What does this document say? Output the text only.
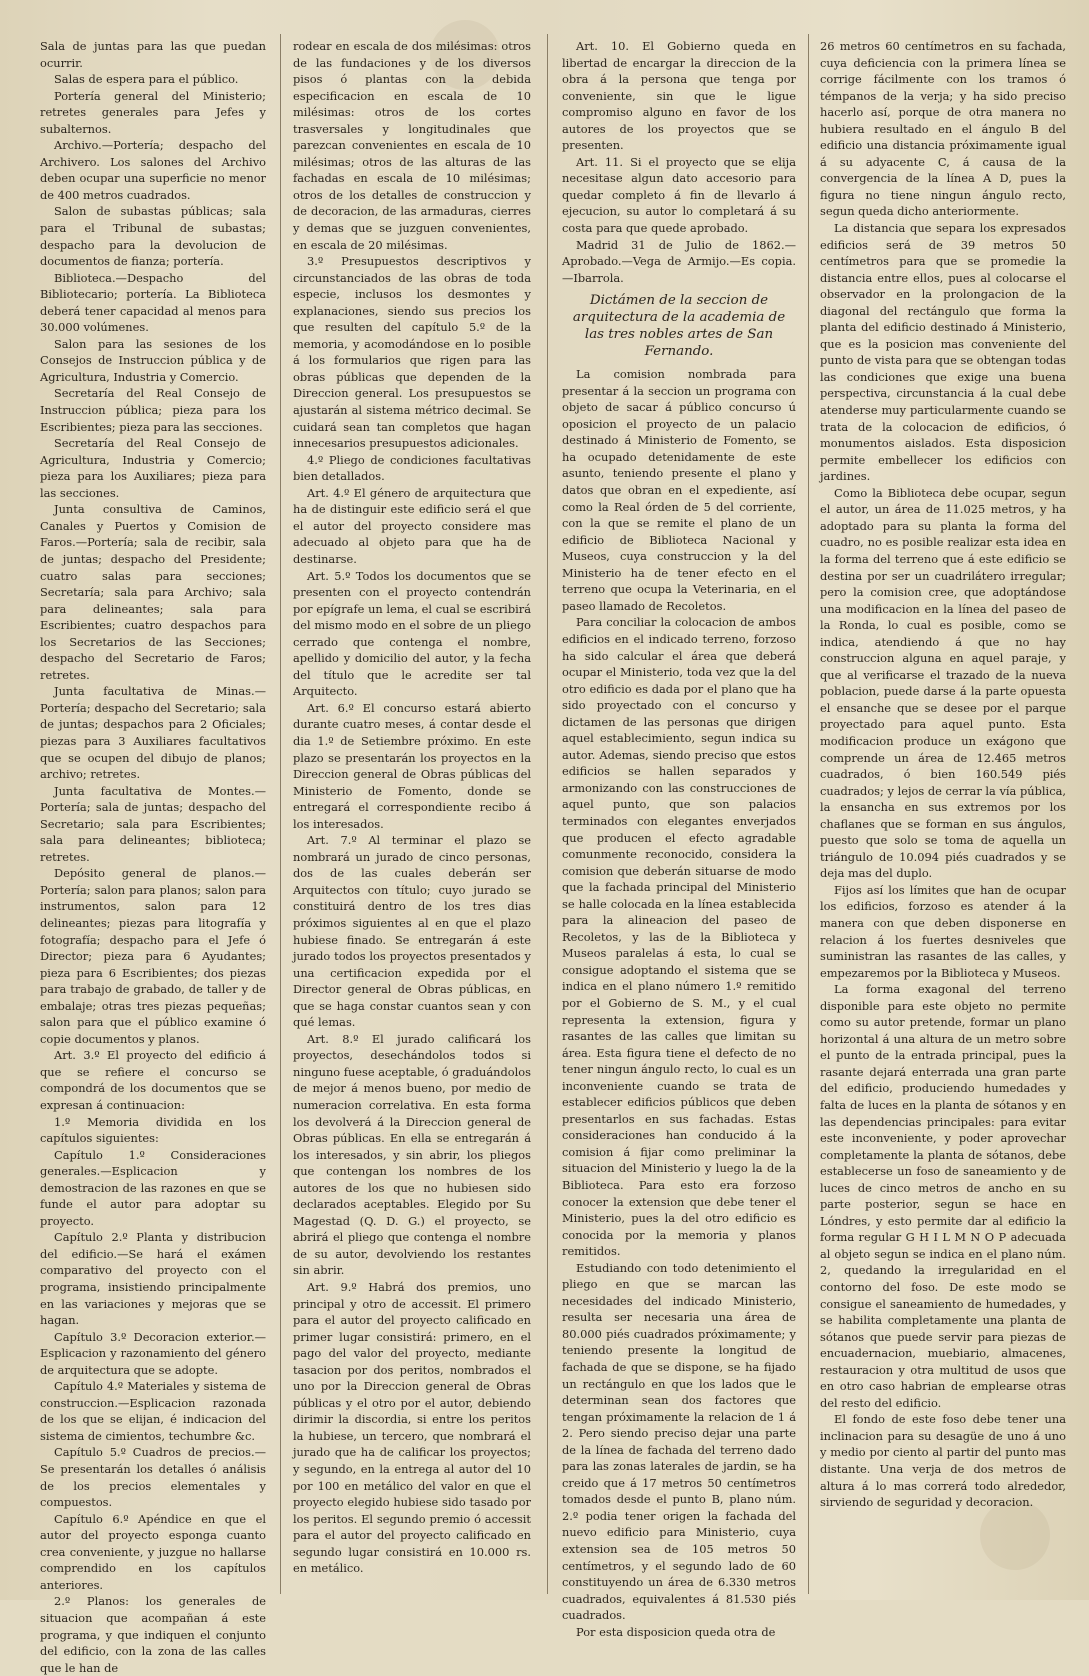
Sala de juntas para las que puedan ocurrir.

Salas de espera para el público.

Portería general del Ministerio; retretes generales para Jefes y subalternos.

Archivo.—Portería; despacho del Archivero. Los salones del Archivo deben ocupar una superficie no menor de 400 metros cuadrados.

Salon de subastas públicas; sala para el Tribunal de subastas; despacho para la devolucion de documentos de fianza; portería.

Biblioteca.—Despacho del Bibliotecario; portería. La Biblioteca deberá tener capacidad al menos para 30.000 volúmenes.

Salon para las sesiones de los Consejos de Instruccion pública y de Agricultura, Industria y Comercio.

Secretaría del Real Consejo de Instruccion pública; pieza para los Escribientes; pieza para las secciones.

Secretaría del Real Consejo de Agricultura, Industria y Comercio; pieza para los Auxiliares; pieza para las secciones.

Junta consultiva de Caminos, Canales y Puertos y Comision de Faros.—Portería; sala de recibir, sala de juntas; despacho del Presidente; cuatro salas para secciones; Secretaría; sala para Archivo; sala para delineantes; sala para Escribientes; cuatro despachos para los Secretarios de las Secciones; despacho del Secretario de Faros; retretes.

Junta facultativa de Minas.—Portería; despacho del Secretario; sala de juntas; despachos para 2 Oficiales; piezas para 3 Auxiliares facultativos que se ocupen del dibujo de planos; archivo; retretes.

Junta facultativa de Montes.—Portería; sala de juntas; despacho del Secretario; sala para Escribientes; sala para delineantes; biblioteca; retretes.

Depósito general de planos.—Portería; salon para planos; salon para instrumentos, salon para 12 delineantes; piezas para litografía y fotografía; despacho para el Jefe ó Director; pieza para 6 Ayudantes; pieza para 6 Escribientes; dos piezas para trabajo de grabado, de taller y de embalaje; otras tres piezas pequeñas; salon para que el público examine ó copie documentos y planos.

Art. 3.º El proyecto del edificio á que se refiere el concurso se compondrá de los documentos que se expresan á continuacion:

1.º Memoria dividida en los capítulos siguientes:

Capítulo 1.º Consideraciones generales.—Esplicacion y demostracion de las razones en que se funde el autor para adoptar su proyecto.

Capítulo 2.º Planta y distribucion del edificio.—Se hará el exámen comparativo del proyecto con el programa, insistiendo principalmente en las variaciones y mejoras que se hagan.

Capítulo 3.º Decoracion exterior.—Esplicacion y razonamiento del género de arquitectura que se adopte.

Capítulo 4.º Materiales y sistema de construccion.—Esplicacion razonada de los que se elijan, é indicacion del sistema de cimientos, techumbre &c.

Capítulo 5.º Cuadros de precios.—Se presentarán los detalles ó análisis de los precios elementales y compuestos.

Capítulo 6.º Apéndice en que el autor del proyecto esponga cuanto crea conveniente, y juzgue no hallarse comprendido en los capítulos anteriores.

2.º Planos: los generales de situacion que acompañan á este programa, y que indiquen el conjunto del edificio, con la zona de las calles que le han de

rodear en escala de dos milésimas: otros de las fundaciones y de los diversos pisos ó plantas con la debida especificacion en escala de 10 milésimas: otros de los cortes trasversales y longitudinales que parezcan convenientes en escala de 10 milésimas; otros de las alturas de las fachadas en escala de 10 milésimas; otros de los detalles de construccion y de decoracion, de las armaduras, cierres y demas que se juzguen convenientes, en escala de 20 milésimas.

3.º Presupuestos descriptivos y circunstanciados de las obras de toda especie, inclusos los desmontes y explanaciones, siendo sus precios los que resulten del capítulo 5.º de la memoria, y acomodándose en lo posible á los formularios que rigen para las obras públicas que dependen de la Direccion general. Los presupuestos se ajustarán al sistema métrico decimal. Se cuidará sean tan completos que hagan innecesarios presupuestos adicionales.

4.º Pliego de condiciones facultativas bien detallados.

Art. 4.º El género de arquitectura que ha de distinguir este edificio será el que el autor del proyecto considere mas adecuado al objeto para que ha de destinarse.

Art. 5.º Todos los documentos que se presenten con el proyecto contendrán por epígrafe un lema, el cual se escribirá del mismo modo en el sobre de un pliego cerrado que contenga el nombre, apellido y domicilio del autor, y la fecha del título que le acredite ser tal Arquitecto.

Art. 6.º El concurso estará abierto durante cuatro meses, á contar desde el dia 1.º de Setiembre próximo. En este plazo se presentarán los proyectos en la Direccion general de Obras públicas del Ministerio de Fomento, donde se entregará el correspondiente recibo á los interesados.

Art. 7.º Al terminar el plazo se nombrará un jurado de cinco personas, dos de las cuales deberán ser Arquitectos con título; cuyo jurado se constituirá dentro de los tres dias próximos siguientes al en que el plazo hubiese finado. Se entregarán á este jurado todos los proyectos presentados y una certificacion expedida por el Director general de Obras públicas, en que se haga constar cuantos sean y con qué lemas.

Art. 8.º El jurado calificará los proyectos, desechándolos todos si ninguno fuese aceptable, ó graduándolos de mejor á menos bueno, por medio de numeracion correlativa. En esta forma los devolverá á la Direccion general de Obras públicas. En ella se entregarán á los interesados, y sin abrir, los pliegos que contengan los nombres de los autores de los que no hubiesen sido declarados aceptables. Elegido por Su Magestad (Q. D. G.) el proyecto, se abrirá el pliego que contenga el nombre de su autor, devolviendo los restantes sin abrir.

Art. 9.º Habrá dos premios, uno principal y otro de accessit. El primero para el autor del proyecto calificado en primer lugar consistirá: primero, en el pago del valor del proyecto, mediante tasacion por dos peritos, nombrados el uno por la Direccion general de Obras públicas y el otro por el autor, debiendo dirimir la discordia, si entre los peritos la hubiese, un tercero, que nombrará el jurado que ha de calificar los proyectos; y segundo, en la entrega al autor del 10 por 100 en metálico del valor en que el proyecto elegido hubiese sido tasado por los peritos. El segundo premio ó accessit para el autor del proyecto calificado en segundo lugar consistirá en 10.000 rs. en metálico.

Art. 10. El Gobierno queda en libertad de encargar la direccion de la obra á la persona que tenga por conveniente, sin que le ligue compromiso alguno en favor de los autores de los proyectos que se presenten.

Art. 11. Si el proyecto que se elija necesitase algun dato accesorio para quedar completo á fin de llevarlo á ejecucion, su autor lo completará á su costa para que quede aprobado.

Madrid 31 de Julio de 1862.—Aprobado.—Vega de Armijo.—Es copia.—Ibarrola.

Dictámen de la seccion de arquitectura de la academia de las tres nobles artes de San Fernando.

La comision nombrada para presentar á la seccion un programa con objeto de sacar á público concurso ú oposicion el proyecto de un palacio destinado á Ministerio de Fomento, se ha ocupado detenidamente de este asunto, teniendo presente el plano y datos que obran en el expediente, así como la Real órden de 5 del corriente, con la que se remite el plano de un edificio de Biblioteca Nacional y Museos, cuya construccion y la del Ministerio ha de tener efecto en el terreno que ocupa la Veterinaria, en el paseo llamado de Recoletos.

Para conciliar la colocacion de ambos edificios en el indicado terreno, forzoso ha sido calcular el área que deberá ocupar el Ministerio, toda vez que la del otro edificio es dada por el plano que ha sido proyectado con el concurso y dictamen de las personas que dirigen aquel establecimiento, segun indica su autor. Ademas, siendo preciso que estos edificios se hallen separados y armonizando con las construcciones de aquel punto, que son palacios terminados con elegantes enverjados que producen el efecto agradable comunmente reconocido, considera la comision que deberán situarse de modo que la fachada principal del Ministerio se halle colocada en la línea establecida para la alineacion del paseo de Recoletos, y las de la Biblioteca y Museos paralelas á esta, lo cual se consigue adoptando el sistema que se indica en el plano número 1.º remitido por el Gobierno de S. M., y el cual representa la extension, figura y rasantes de las calles que limitan su área. Esta figura tiene el defecto de no tener ningun ángulo recto, lo cual es un inconveniente cuando se trata de establecer edificios públicos que deben presentarlos en sus fachadas. Estas consideraciones han conducido á la comision á fijar como preliminar la situacion del Ministerio y luego la de la Biblioteca. Para esto era forzoso conocer la extension que debe tener el Ministerio, pues la del otro edificio es conocida por la memoria y planos remitidos.

Estudiando con todo detenimiento el pliego en que se marcan las necesidades del indicado Ministerio, resulta ser necesaria una área de 80.000 piés cuadrados próximamente; y teniendo presente la longitud de fachada de que se dispone, se ha fijado un rectángulo en que los lados que le determinan sean dos factores que tengan próximamente la relacion de 1 á 2. Pero siendo preciso dejar una parte de la línea de fachada del terreno dado para las zonas laterales de jardin, se ha creido que á 17 metros 50 centímetros tomados desde el punto B, plano núm. 2.º podia tener origen la fachada del nuevo edificio para Ministerio, cuya extension sea de 105 metros 50 centímetros, y el segundo lado de 60 constituyendo un área de 6.330 metros cuadrados, equivalentes á 81.530 piés cuadrados.

Por esta disposicion queda otra de

26 metros 60 centímetros en su fachada, cuya deficiencia con la primera línea se corrige fácilmente con los tramos ó témpanos de la verja; y ha sido preciso hacerlo así, porque de otra manera no hubiera resultado en el ángulo B del edificio una distancia próximamente igual á su adyacente C, á causa de la convergencia de la línea A D, pues la figura no tiene ningun ángulo recto, segun queda dicho anteriormente.

La distancia que separa los expresados edificios será de 39 metros 50 centímetros para que se promedie la distancia entre ellos, pues al colocarse el observador en la prolongacion de la diagonal del rectángulo que forma la planta del edificio destinado á Ministerio, que es la posicion mas conveniente del punto de vista para que se obtengan todas las condiciones que exige una buena perspectiva, circunstancia á la cual debe atenderse muy particularmente cuando se trata de la colocacion de edificios, ó monumentos aislados. Esta disposicion permite embellecer los edificios con jardines.

Como la Biblioteca debe ocupar, segun el autor, un área de 11.025 metros, y ha adoptado para su planta la forma del cuadro, no es posible realizar esta idea en la forma del terreno que á este edificio se destina por ser un cuadrilátero irregular; pero la comision cree, que adoptándose una modificacion en la línea del paseo de la Ronda, lo cual es posible, como se indica, atendiendo á que no hay construccion alguna en aquel paraje, y que al verificarse el trazado de la nueva poblacion, puede darse á la parte opuesta el ensanche que se desee por el parque proyectado para aquel punto. Esta modificacion produce un exágono que comprende un área de 12.465 metros cuadrados, ó bien 160.549 piés cuadrados; y lejos de cerrar la vía pública, la ensancha en sus extremos por los chaflanes que se forman en sus ángulos, puesto que solo se toma de aquella un triángulo de 10.094 piés cuadrados y se deja mas del duplo.

Fijos así los límites que han de ocupar los edificios, forzoso es atender á la manera con que deben disponerse en relacion á los fuertes desniveles que suministran las rasantes de las calles, y empezaremos por la Biblioteca y Museos.

La forma exagonal del terreno disponible para este objeto no permite como su autor pretende, formar un plano horizontal á una altura de un metro sobre el punto de la entrada principal, pues la rasante dejará enterrada una gran parte del edificio, produciendo humedades y falta de luces en la planta de sótanos y en las dependencias principales: para evitar este inconveniente, y poder aprovechar completamente la planta de sótanos, debe establecerse un foso de saneamiento y de luces de cinco metros de ancho en su parte posterior, segun se hace en Lóndres, y esto permite dar al edificio la forma regular G H I L M N O P adecuada al objeto segun se indica en el plano núm. 2, quedando la irregularidad en el contorno del foso. De este modo se consigue el saneamiento de humedades, y se habilita completamente una planta de sótanos que puede servir para piezas de encuadernacion, muebiario, almacenes, restauracion y otra multitud de usos que en otro caso habrian de emplearse otras del resto del edificio.

El fondo de este foso debe tener una inclinacion para su desagüe de uno á uno y medio por ciento al partir del punto mas distante. Una verja de dos metros de altura á lo mas correrá todo alrededor, sirviendo de seguridad y decoracion.
